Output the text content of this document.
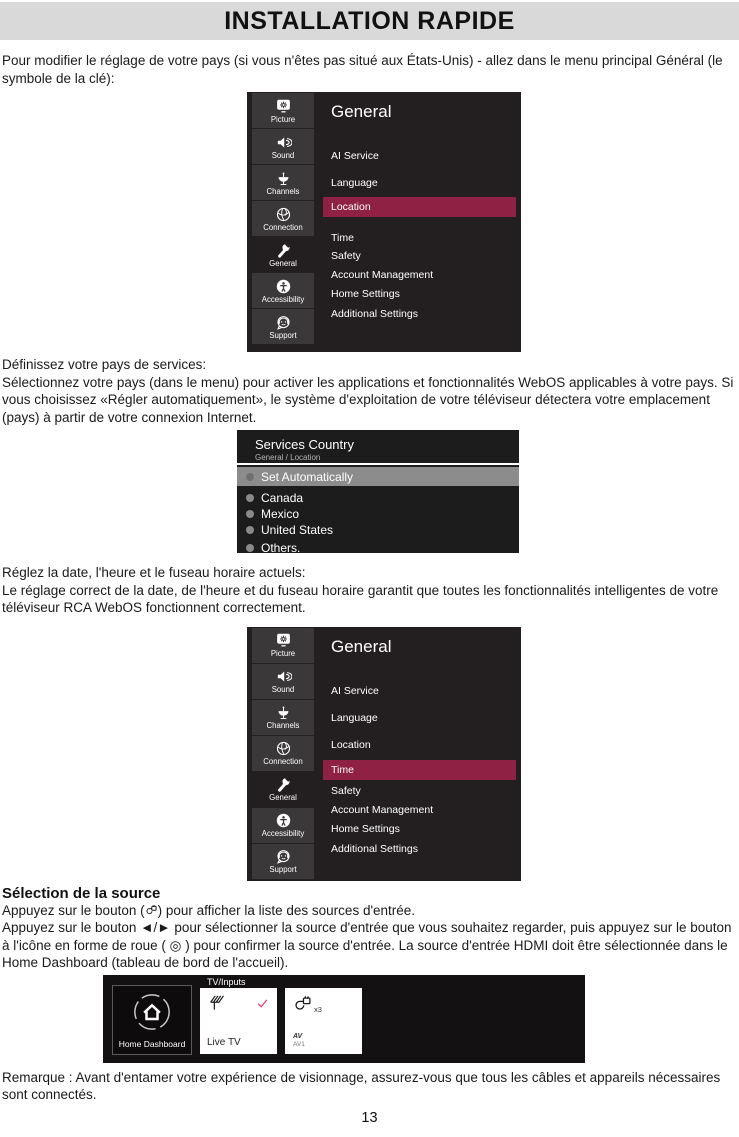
INSTALLATION RAPIDE
Pour modifier le réglage de votre pays (si vous n'êtes pas situé aux États-Unis) - allez dans le menu principal Général (le symbole de la clé):
Picture
Sound
Channels
Connection
General
Accessibility
Support
General
AI Service
Language
Location
Time
Safety
Account Management
Home Settings
Additional Settings
Définissez votre pays de services:
Sélectionnez votre pays (dans le menu) pour activer les applications et fonctionnalités WebOS applicables à votre pays. Si vous choisissez «Régler automatiquement», le système d'exploitation de votre téléviseur détectera votre emplacement (pays) à partir de votre connexion Internet.
Services Country
General / Location
Set Automatically
Canada
Mexico
United States
Others.
Réglez la date, l'heure et le fuseau horaire actuels:
Le réglage correct de la date, de l'heure et du fuseau horaire garantit que toutes les fonctionnalités intelligentes de votre téléviseur RCA WebOS fonctionnent correctement.
Picture
Sound
Channels
Connection
General
Accessibility
Support
General
AI Service
Language
Location
Time
Safety
Account Management
Home Settings
Additional Settings
Sélection de la source
Appuyez sur le bouton ( ) pour afficher la liste des sources d'entrée.
Appuyez sur le bouton ◄/► pour sélectionner la source d'entrée que vous souhaitez regarder, puis appuyez sur le bouton à l'icône en forme de roue ( ◎ ) pour confirmer la source d'entrée. La source d'entrée HDMI doit être sélectionnée dans le Home Dashboard (tableau de bord de l'accueil).
Home Dashboard
TV/Inputs
Live TV
x3
AV
AV1
Remarque : Avant d'entamer votre expérience de visionnage, assurez-vous que tous les câbles et appareils nécessaires sont connectés.
13
